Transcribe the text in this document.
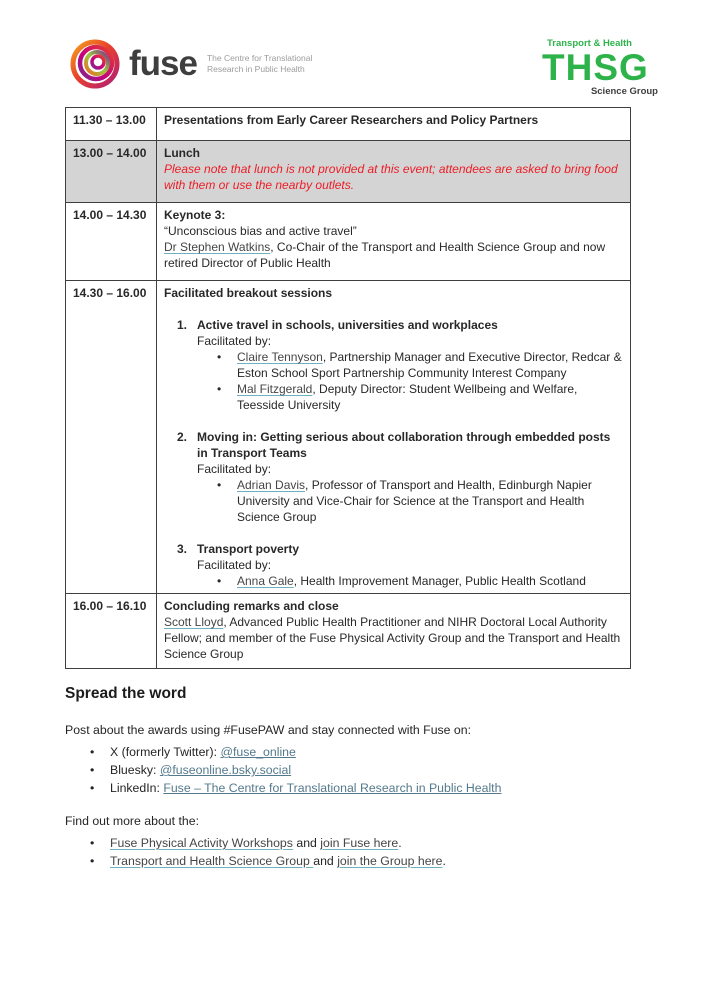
fuse The Centre for Translational
Research in Public Health
Transport & Health
THSG
Science Group
11.30 – 13.00	Presentations from Early Career Researchers and Policy Partners
13.00 – 14.00	Lunch
Please note that lunch is not provided at this event; attendees are asked to bring food with them or use the nearby outlets.

14.00 – 14.30	Keynote 3:
“Unconscious bias and active travel”
Dr Stephen Watkins, Co-Chair of the Transport and Health Science Group and now retired Director of Public Health

14.30 – 16.00	Facilitated breakout sessions
1. Active travel in schools, universities and workplaces
Facilitated by:
•	Claire Tennyson, Partnership Manager and Executive Director, Redcar & Eston School Sport Partnership Community Interest Company
•	Mal Fitzgerald, Deputy Director: Student Wellbeing and Welfare, Teesside University
2. Moving in: Getting serious about collaboration through embedded posts in Transport Teams
Facilitated by:
•	Adrian Davis, Professor of Transport and Health, Edinburgh Napier University and Vice-Chair for Science at the Transport and Health Science Group
3. Transport poverty
Facilitated by:
•	Anna Gale, Health Improvement Manager, Public Health Scotland

16.00 – 16.10	Concluding remarks and close
Scott Lloyd, Advanced Public Health Practitioner and NIHR Doctoral Local Authority Fellow; and member of the Fuse Physical Activity Group and the Transport and Health Science Group
Spread the word
Post about the awards using #FusePAW and stay connected with Fuse on:
•	X (formerly Twitter): @fuse_online
•	Bluesky: @fuseonline.bsky.social
•	LinkedIn: Fuse – The Centre for Translational Research in Public Health
Find out more about the:
•	Fuse Physical Activity Workshops and join Fuse here.
•	Transport and Health Science Group and join the Group here.
